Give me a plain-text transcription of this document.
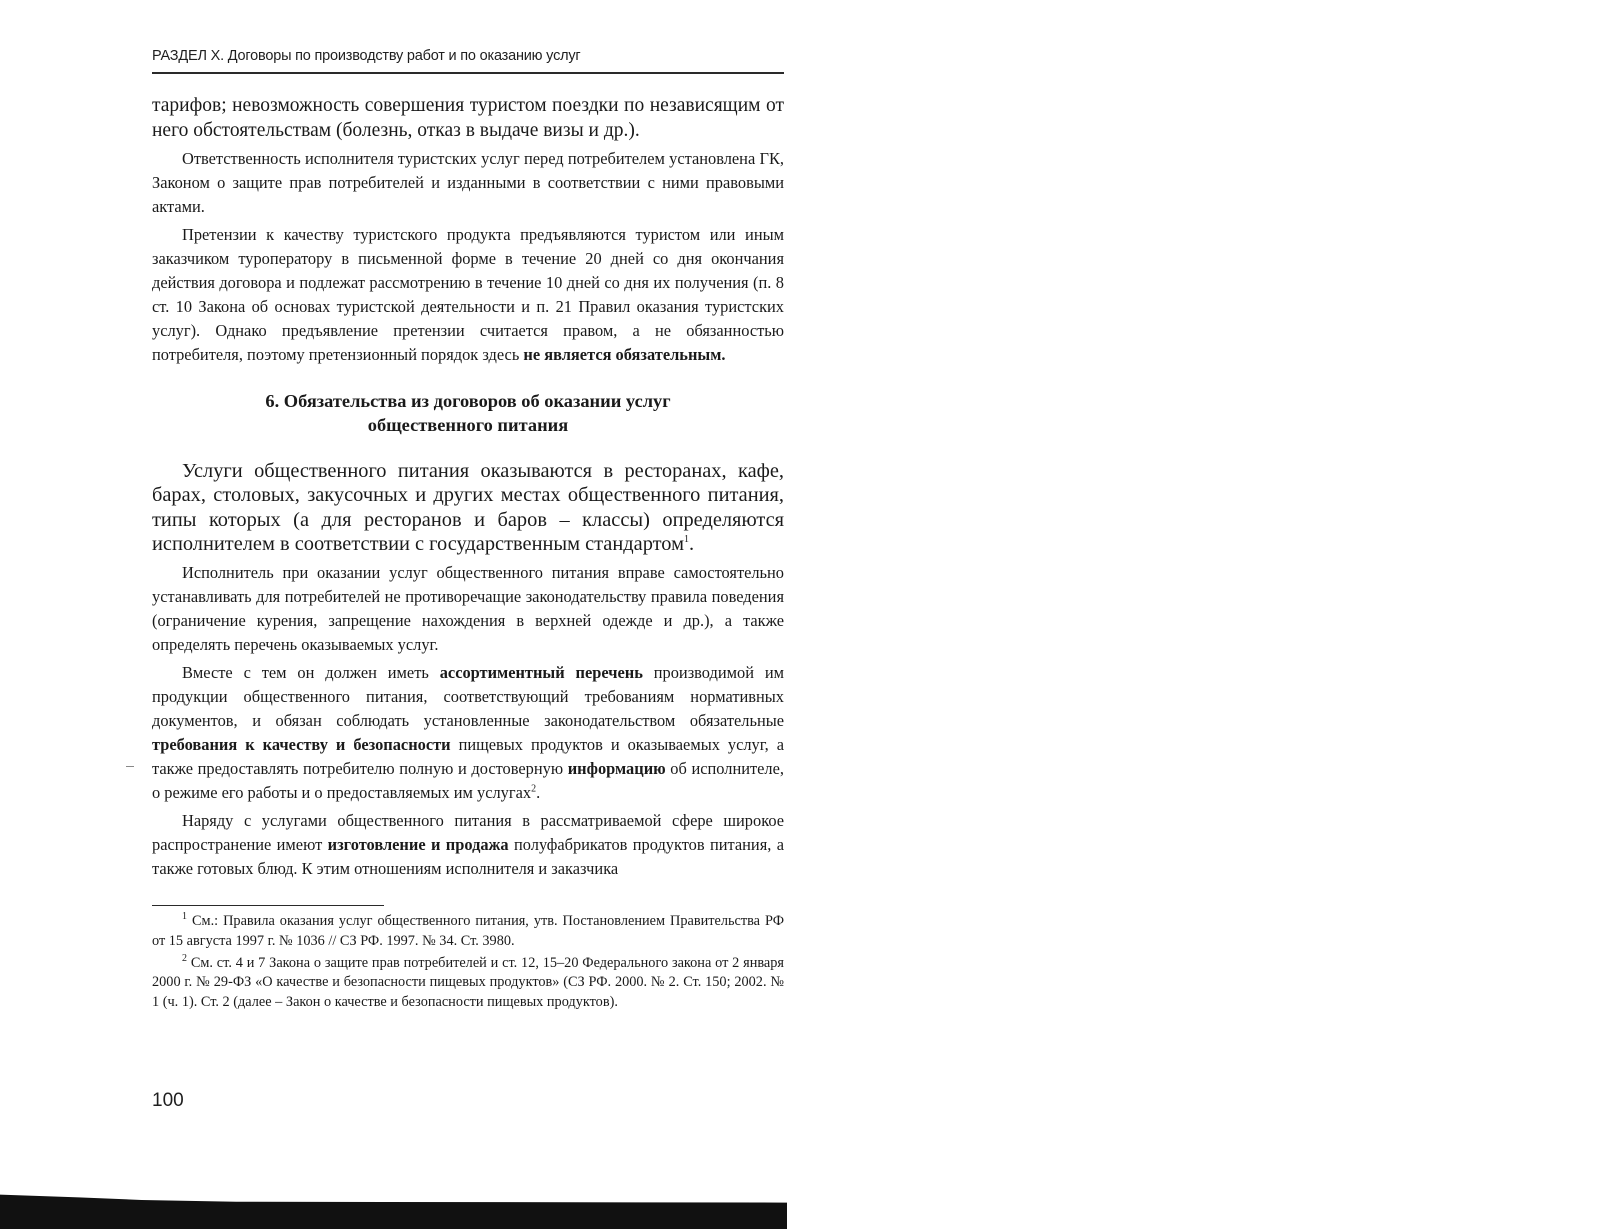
РАЗДЕЛ X. Договоры по производству работ и по оказанию услуг

тарифов; невозможность совершения туристом поездки по независящим от него обстоятельствам (болезнь, отказ в выдаче визы и др.).

Ответственность исполнителя туристских услуг перед потребителем установлена ГК, Законом о защите прав потребителей и изданными в соответствии с ними правовыми актами.

Претензии к качеству туристского продукта предъявляются туристом или иным заказчиком туроператору в письменной форме в течение 20 дней со дня окончания действия договора и подлежат рассмотрению в течение 10 дней со дня их получения (п. 8 ст. 10 Закона об основах туристской деятельности и п. 21 Правил оказания туристских услуг). Однако предъявление претензии считается правом, а не обязанностью потребителя, поэтому претензионный порядок здесь не является обязательным.

6. Обязательства из договоров об оказании услуг
общественного питания

Услуги общественного питания оказываются в ресторанах, кафе, барах, столовых, закусочных и других местах общественного питания, типы которых (а для ресторанов и баров – классы) определяются исполнителем в соответствии с государственным стандартом$^1$.

Исполнитель при оказании услуг общественного питания вправе самостоятельно устанавливать для потребителей не противоречащие законодательству правила поведения (ограничение курения, запрещение нахождения в верхней одежде и др.), а также определять перечень оказываемых услуг.

Вместе с тем он должен иметь ассортиментный перечень производимой им продукции общественного питания, соответствующий требованиям нормативных документов, и обязан соблюдать установленные законодательством обязательные требования к качеству и безопасности пищевых продуктов и оказываемых услуг, а также предоставлять потребителю полную и достоверную информацию об исполнителе, о режиме его работы и о предоставляемых им услугах$^2$.

Наряду с услугами общественного питания в рассматриваемой сфере широкое распространение имеют изготовление и продажа полуфабрикатов продуктов питания, а также готовых блюд. К этим отношениям исполнителя и заказчика

$^1$ См.: Правила оказания услуг общественного питания, утв. Постановлением Правительства РФ от 15 августа 1997 г. № 1036 // СЗ РФ. 1997. № 34. Ст. 3980.

$^2$ См. ст. 4 и 7 Закона о защите прав потребителей и ст. 12, 15–20 Федерального закона от 2 января 2000 г. № 29-ФЗ «О качестве и безопасности пищевых продуктов» (СЗ РФ. 2000. № 2. Ст. 150; 2002. № 1 (ч. 1). Ст. 2 (далее – Закон о качестве и безопасности пищевых продуктов).

100
